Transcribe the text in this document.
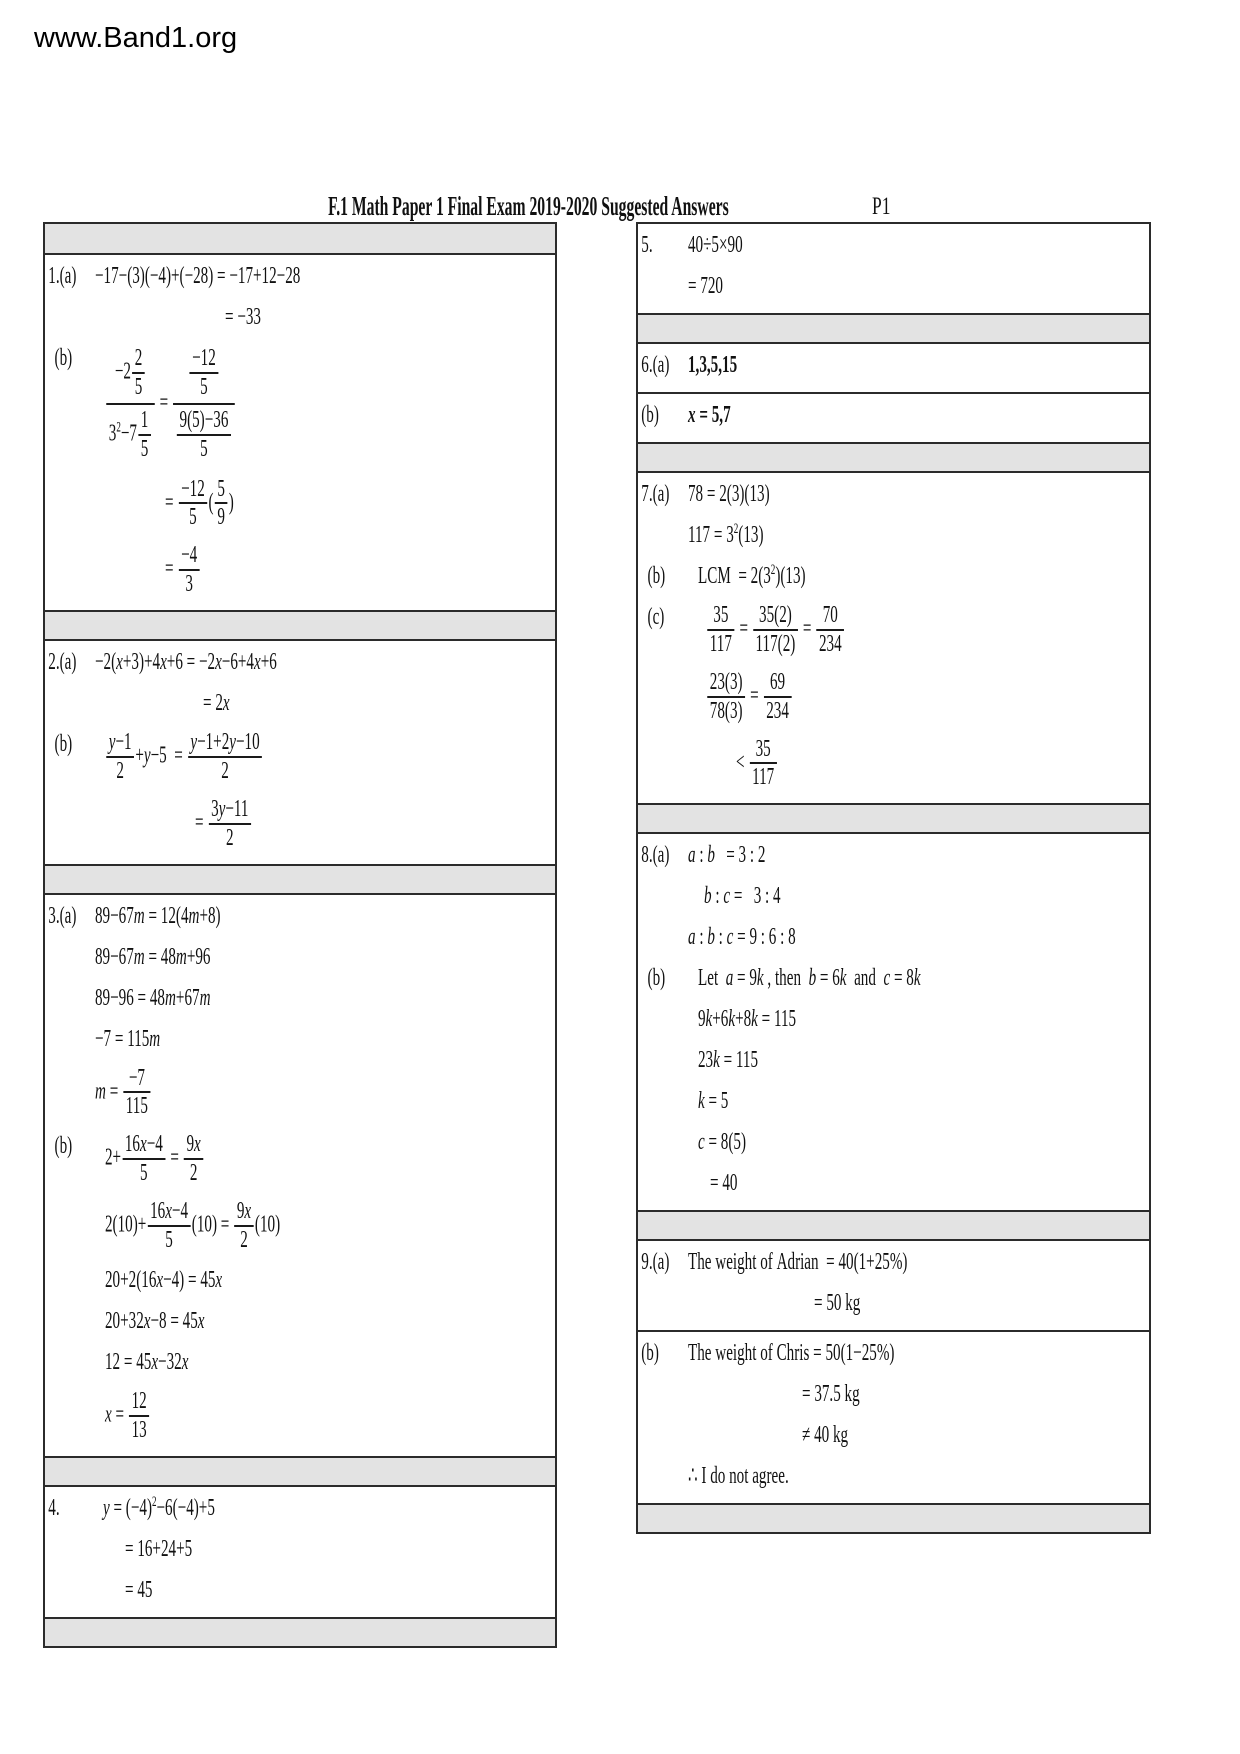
www.Band1.org
F.1 Math Paper 1 Final Exam 2019-2020 Suggested Answers	P1
1.(a) −17−(3)(−4)+(−28) = −17+12−28
= −33
(b)	$\frac{-2 \frac{2}{5}}{3^2-7 \frac{1}{5}} = \frac{\frac{-12}{5}}{\frac{9(5)-36}{5}}$
= $\frac{-12}{5}$ ( $\frac{5}{9}$ )
= $\frac{-4}{3}$
2.(a) −2(x+3)+4x+6 = −2x−6+4x+6
= 2x
(b)	$\frac{y-1}{2} +y-5 = \frac{y-1+2y-10}{2}$
= $\frac{3y-11}{2}$
3.(a) 89−67m = 12(4m+8)
89−67m = 48m+96
89−96 = 48m+67m
−7 = 115m
$m = \frac{-7}{115}$
(b)	$2+ \frac{16x-4}{5} = \frac{9x}{2}$
$2(10)+ \frac{16x-4}{5} (10) = \frac{9x}{2} (10)$
20+2(16x−4) = 45x
20+32x−8 = 45x
12 = 45x−32x
$x = \frac{12}{13}$
4.	$y = (-4)^2-6(-4)+5$
= 16+24+5
= 45
5.	40÷5×90
= 720
6.(a) 1,3,5,15
(b)	x = 5,7
7.(a) 78 = 2(3)(13)
$117 = 3^2(13)$
(b)	LCM = $2(3^2)(13)$
(c)	$\frac{35}{117} = \frac{35(2)}{117(2)} = \frac{70}{234}$
$\frac{23(3)}{78(3)} = \frac{69}{234}$
< $\frac{35}{117}$
8.(a) a : b = 3 : 2
b : c = 3 : 4
a : b : c = 9 : 6 : 8
(b)	Let a = 9k , then b = 6k and c = 8k
9k+6k+8k = 115
23k = 115
k = 5
c = 8(5)
= 40
9.(a) The weight of Adrian = 40(1+25%)
= 50 kg
(b)	The weight of Chris = 50(1−25%)
= 37.5 kg
≠ 40 kg
∴ I do not agree.
